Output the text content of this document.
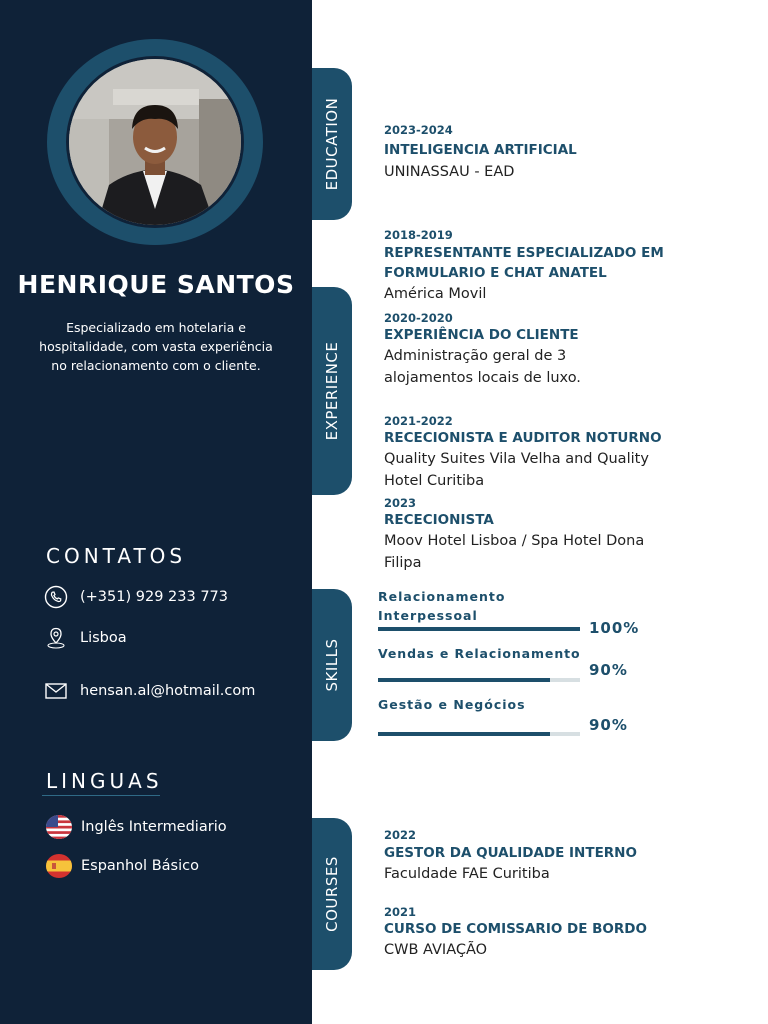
HENRIQUE SANTOS
Especializado em hotelaria e hospitalidade, com vasta experiência no relacionamento com o cliente.
CONTATOS
(+351) 929 233 773
Lisboa
hensan.al@hotmail.com
LINGUAS
Inglês Intermediario
Espanhol Básico
EDUCATION
EXPERIENCE
SKILLS
COURSES
2023-2024
INTELIGENCIA ARTIFICIAL
UNINASSAU - EAD
2018-2019
REPRESENTANTE ESPECIALIZADO EM FORMULARIO E CHAT ANATEL
América Movil
2020-2020
EXPERIÊNCIA DO CLIENTE
Administração geral de 3 alojamentos locais de luxo.
2021-2022
RECECIONISTA E AUDITOR NOTURNO
Quality Suites Vila Velha and Quality Hotel Curitiba
2023
RECECIONISTA
Moov Hotel Lisboa / Spa Hotel Dona Filipa
Relacionamento Interpessoal
100%
Vendas e Relacionamento
90%
Gestão e Negócios
90%
2022
GESTOR DA QUALIDADE INTERNO
Faculdade FAE Curitiba
2021
CURSO DE COMISSARIO DE BORDO
CWB AVIAÇÃO
